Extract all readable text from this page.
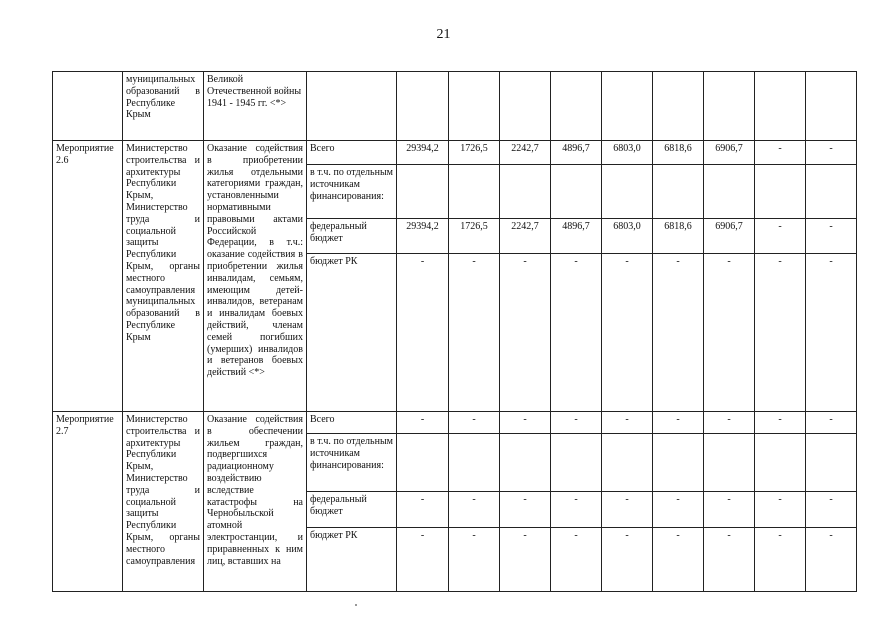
21
	муниципальных образований в Республике Крым	Великой Отечественной войны 1941 - 1945 гг. <*>										
Мероприятие 2.6	Министерство строительства и архитектуры Республики Крым, Министерство труда и социальной защиты Республики Крым, органы местного самоуправления муниципальных образований в Республике Крым	Оказание содействия в приобретении жилья отдельными категориями граждан, установленными нормативными правовыми актами Российской Федерации, в т.ч.: оказание содействия в приобретении жилья инвалидам, семьям, имеющим детей-инвалидов, ветеранам и инвалидам боевых действий, членам семей погибших (умерших) инвалидов и ветеранов боевых действий <*>	Всего	29394,2	1726,5	2242,7	4896,7	6803,0	6818,6	6906,7	-	-
			в т.ч. по отдельным источникам финансирования:									
			федеральный бюджет	29394,2	1726,5	2242,7	4896,7	6803,0	6818,6	6906,7	-	-
			бюджет РК	-	-	-	-	-	-	-	-	-
Мероприятие 2.7	Министерство строительства и архитектуры Республики Крым, Министерство труда и социальной защиты Республики Крым, органы местного самоуправления	Оказание содействия в обеспечении жильем граждан, подвергшихся радиационному воздействию вследствие катастрофы на Чернобыльской атомной электростанции, и приравненных к ним лиц, вставших на	Всего	-	-	-	-	-	-	-	-	-
			в т.ч. по отдельным источникам финансирования:									
			федеральный бюджет	-	-	-	-	-	-	-	-	-
			бюджет РК	-	-	-	-	-	-	-	-	-
